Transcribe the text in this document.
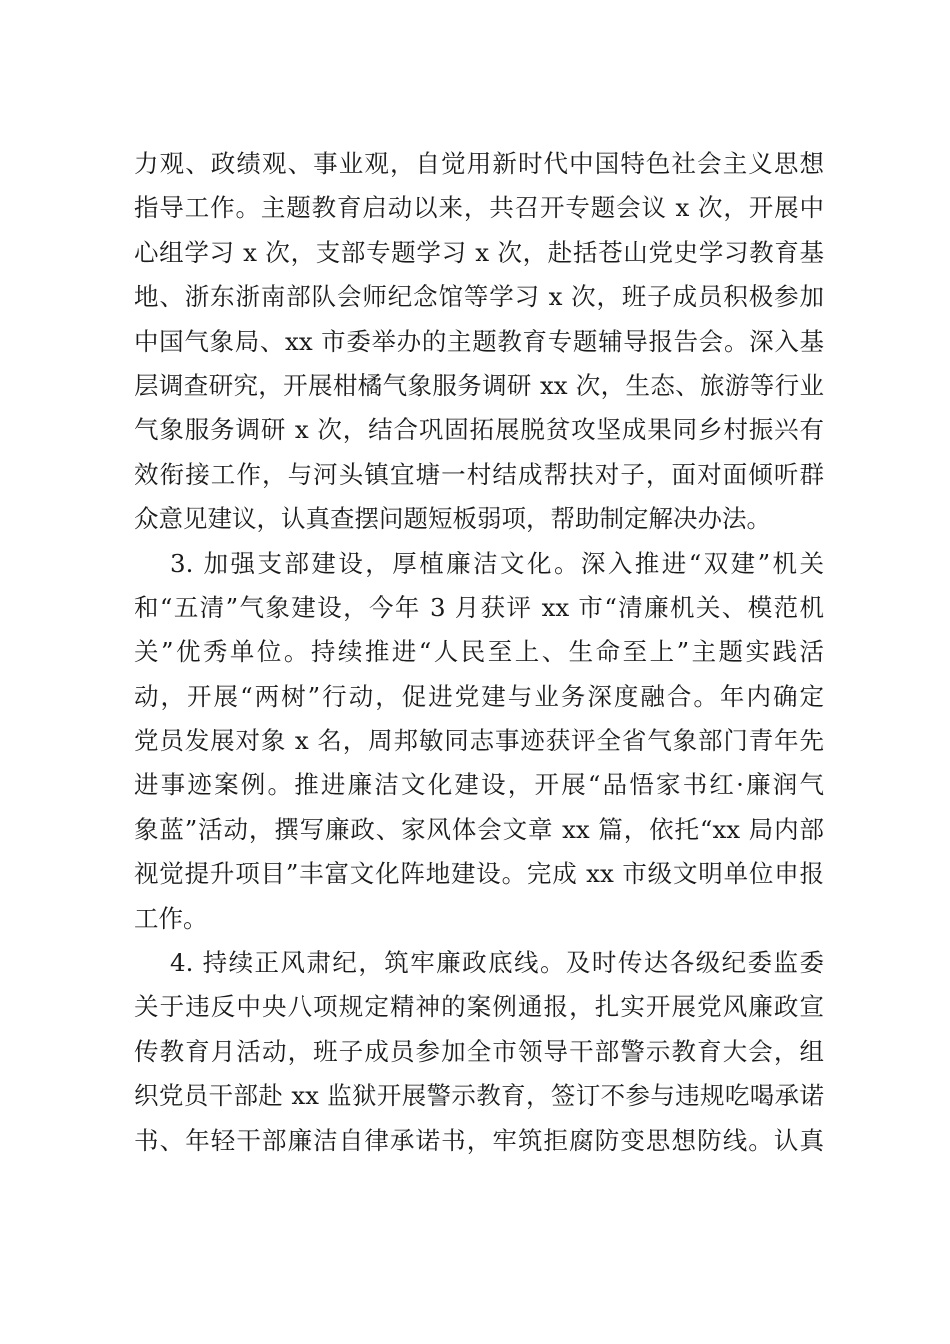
力观、政绩观、事业观，自觉用新时代中国特色社会主义思想
指导工作。主题教育启动以来，共召开专题会议 x 次，开展中
心组学习 x 次，支部专题学习 x 次，赴括苍山党史学习教育基
地、浙东浙南部队会师纪念馆等学习 x 次，班子成员积极参加
中国气象局、xx 市委举办的主题教育专题辅导报告会。深入基
层调查研究，开展柑橘气象服务调研 xx 次，生态、旅游等行业
气象服务调研 x 次，结合巩固拓展脱贫攻坚成果同乡村振兴有
效衔接工作，与河头镇宜塘一村结成帮扶对子，面对面倾听群
众意见建议，认真查摆问题短板弱项，帮助制定解决办法。
3. 加强支部建设，厚植廉洁文化。深入推进“双建”机关
和“五清”气象建设，今年 3 月获评 xx 市“清廉机关、模范机
关”优秀单位。持续推进“人民至上、生命至上”主题实践活
动，开展“两树”行动，促进党建与业务深度融合。年内确定
党员发展对象 x 名，周邦敏同志事迹获评全省气象部门青年先
进事迹案例。推进廉洁文化建设，开展“品悟家书红·廉润气
象蓝”活动，撰写廉政、家风体会文章 xx 篇，依托“xx 局内部
视觉提升项目”丰富文化阵地建设。完成 xx 市级文明单位申报
工作。
4. 持续正风肃纪，筑牢廉政底线。及时传达各级纪委监委
关于违反中央八项规定精神的案例通报，扎实开展党风廉政宣
传教育月活动，班子成员参加全市领导干部警示教育大会，组
织党员干部赴 xx 监狱开展警示教育，签订不参与违规吃喝承诺
书、年轻干部廉洁自律承诺书，牢筑拒腐防变思想防线。认真
